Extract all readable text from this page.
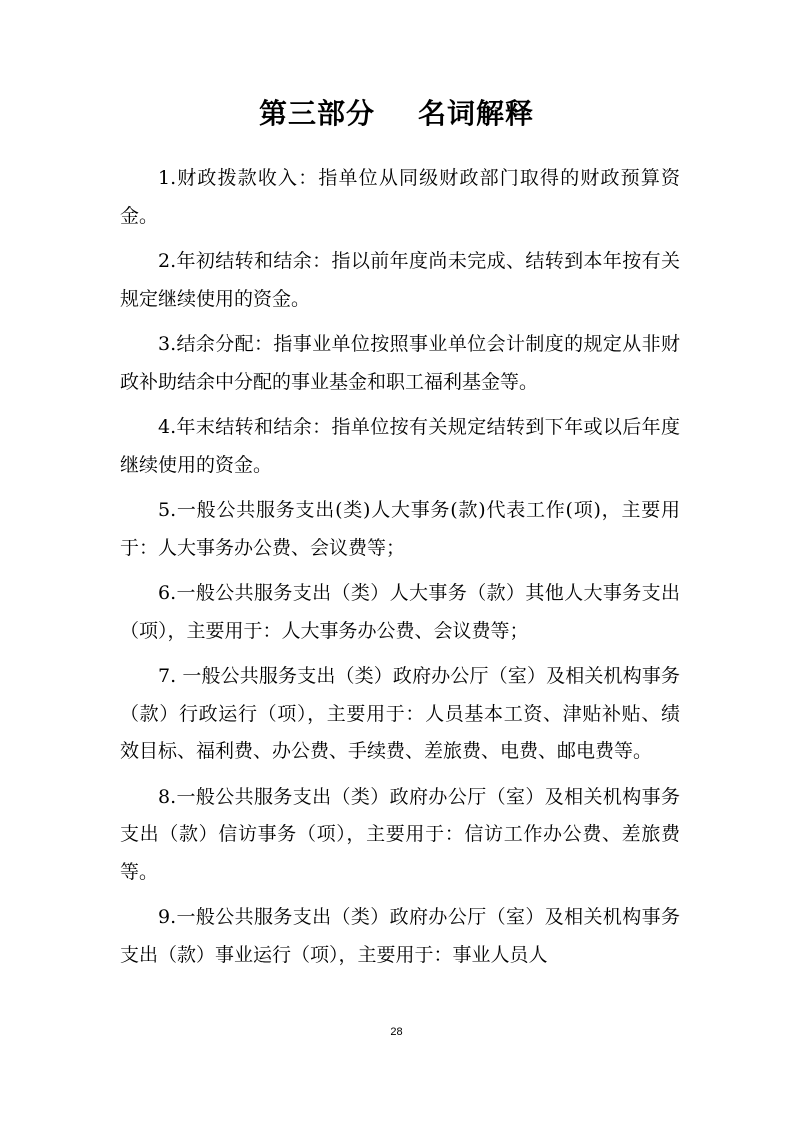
第三部分    名词解释

1.财政拨款收入：指单位从同级财政部门取得的财政预算资金。

2.年初结转和结余：指以前年度尚未完成、结转到本年按有关规定继续使用的资金。

3.结余分配：指事业单位按照事业单位会计制度的规定从非财政补助结余中分配的事业基金和职工福利基金等。

4.年末结转和结余：指单位按有关规定结转到下年或以后年度继续使用的资金。

5.一般公共服务支出(类)人大事务(款)代表工作(项)，主要用于：人大事务办公费、会议费等；

6.一般公共服务支出（类）人大事务（款）其他人大事务支出（项），主要用于：人大事务办公费、会议费等；

7. 一般公共服务支出（类）政府办公厅（室）及相关机构事务（款）行政运行（项），主要用于：人员基本工资、津贴补贴、绩效目标、福利费、办公费、手续费、差旅费、电费、邮电费等。

8.一般公共服务支出（类）政府办公厅（室）及相关机构事务支出（款）信访事务（项），主要用于：信访工作办公费、差旅费等。

9.一般公共服务支出（类）政府办公厅（室）及相关机构事务支出（款）事业运行（项），主要用于：事业人员人

28
